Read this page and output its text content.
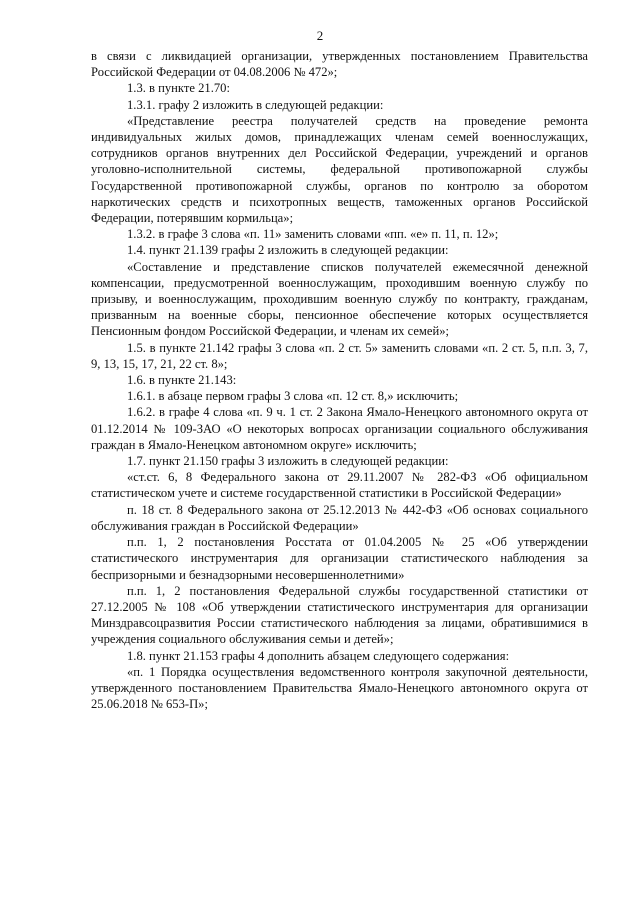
2

в связи с ликвидацией организации, утвержденных постановлением Правительства Российской Федерации от 04.08.2006 № 472»;

1.3. в пункте 21.70:

1.3.1. графу 2 изложить в следующей редакции:

«Представление реестра получателей средств на проведение ремонта индивидуальных жилых домов, принадлежащих членам семей военнослужащих, сотрудников органов внутренних дел Российской Федерации, учреждений и органов уголовно-исполнительной системы, федеральной противопожарной службы Государственной противопожарной службы, органов по контролю за оборотом наркотических средств и психотропных веществ, таможенных органов Российской Федерации, потерявшим кормильца»;

1.3.2. в графе 3 слова «п. 11» заменить словами «пп. «е» п. 11, п. 12»;

1.4. пункт 21.139 графы 2 изложить в следующей редакции:

«Составление и представление списков получателей ежемесячной денежной компенсации, предусмотренной военнослужащим, проходившим военную службу по призыву, и военнослужащим, проходившим военную службу по контракту, гражданам, призванным на военные сборы, пенсионное обеспечение которых осуществляется Пенсионным фондом Российской Федерации, и членам их семей»;

1.5. в пункте 21.142 графы 3 слова «п. 2 ст. 5» заменить словами «п. 2 ст. 5, п.п. 3, 7, 9, 13, 15, 17, 21, 22 ст. 8»;

1.6. в пункте 21.143:

1.6.1. в абзаце первом графы 3 слова «п. 12 ст. 8,» исключить;

1.6.2. в графе 4 слова «п. 9 ч. 1 ст. 2 Закона Ямало-Ненецкого автономного округа от 01.12.2014 № 109-ЗАО «О некоторых вопросах организации социального обслуживания граждан в Ямало-Ненецком автономном округе» исключить;

1.7. пункт 21.150 графы 3 изложить в следующей редакции:

«ст.ст. 6, 8 Федерального закона от 29.11.2007 № 282-ФЗ «Об официальном статистическом учете и системе государственной статистики в Российской Федерации»

п. 18 ст. 8 Федерального закона от 25.12.2013 № 442-ФЗ «Об основах социального обслуживания граждан в Российской Федерации»

п.п. 1, 2 постановления Росстата от 01.04.2005 № 25 «Об утверждении статистического инструментария для организации статистического наблюдения за беспризорными и безнадзорными несовершеннолетними»

п.п. 1, 2 постановления Федеральной службы государственной статистики от 27.12.2005 № 108 «Об утверждении статистического инструментария для организации Минздравсоцразвития России статистического наблюдения за лицами, обратившимися в учреждения социального обслуживания семьи и детей»;

1.8. пункт 21.153 графы 4 дополнить абзацем следующего содержания:

«п. 1 Порядка осуществления ведомственного контроля закупочной деятельности, утвержденного постановлением Правительства Ямало-Ненецкого автономного округа от 25.06.2018 № 653-П»;
